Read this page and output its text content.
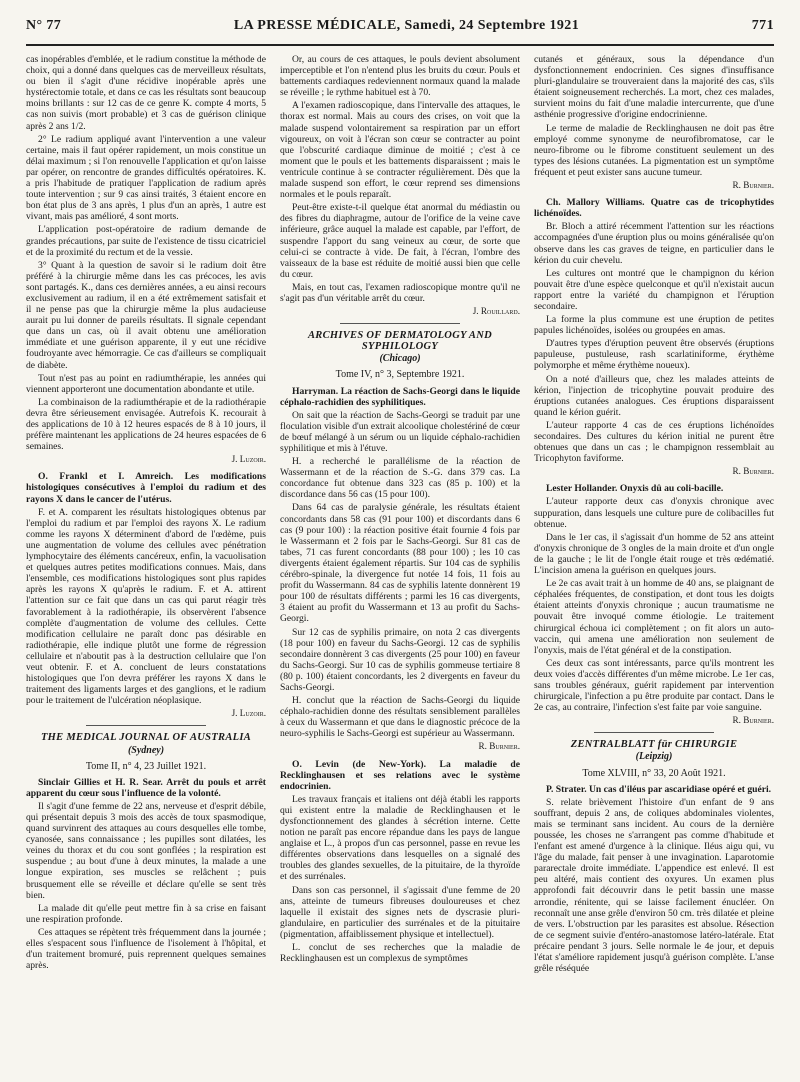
N° 77	LA PRESSE MÉDICALE, Samedi, 24 Septembre 1921	771

cas inopérables d'emblée, et le radium constitue la méthode de choix, qui a donné dans quelques cas de merveilleux résultats, ou bien il s'agit d'une récidive inopérable après une hystérectomie totale, et dans ce cas les résultats sont beaucoup moins brillants : sur 12 cas de ce genre K. compte 4 morts, 5 cas non suivis (mort probable) et 3 cas de guérison clinique après 2 ans 1/2.

2° Le radium appliqué avant l'intervention a une valeur certaine, mais il faut opérer rapidement, un mois constitue un délai maximum ; si l'on renouvelle l'application et qu'on laisse par opérer, on rencontre de grandes difficultés opératoires. K. a pris l'habitude de pratiquer l'application de radium après toute intervention ; sur 9 cas ainsi traités, 3 étaient encore en bon état plus de 3 ans après, 1 plus d'un an après, 1 autre est vivant, mais pas amélioré, 4 sont morts.

L'application post-opératoire de radium demande de grandes précautions, par suite de l'existence de tissu cicatriciel et de la proximité du rectum et de la vessie.

3° Quant à la question de savoir si le radium doit être préféré à la chirurgie même dans les cas précoces, les avis sont partagés. K., dans ces dernières années, a eu ainsi recours exclusivement au radium, il en a été extrêmement satisfait et il ne pense pas que la chirurgie même la plus audacieuse aurait pu lui donner de pareils résultats. Il signale cependant que dans un cas, où il avait obtenu une amélioration immédiate et une guérison apparente, il y eut une récidive foudroyante avec hémorragie. Ce cas d'ailleurs se compliquait de diabète.

Tout n'est pas au point en radiumthérapie, les années qui viennent apporteront une documentation abondante et utile.

La combinaison de la radiumthérapie et de la radiothérapie devra être sérieusement envisagée. Autrefois K. recourait à des applications de 10 à 12 heures espacés de 8 à 10 jours, il préfère maintenant les applications de 24 heures espacées de 6 semaines.

J. Luzoir.

O. Frankl et I. Amreich. Les modifications histologiques consécutives à l'emploi du radium et des rayons X dans le cancer de l'utérus.

F. et A. comparent les résultats histologiques obtenus par l'emploi du radium et par l'emploi des rayons X. Le radium comme les rayons X déterminent d'abord de l'œdème, puis une augmentation de volume des cellules avec pénétration lymphocytaire des éléments cancéreux, enfin, la vacuolisation et quelques autres petites modifications connues. Mais, dans l'ensemble, ces modifications histologiques sont plus rapides après les rayons X qu'après le radium. F. et A. attirent l'attention sur ce fait que dans un cas qui parut réagir très favorablement à la radiothérapie, ils observèrent l'absence complète d'augmentation de volume des cellules. Cette modification cellulaire ne paraît donc pas désirable en radiothérapie, elle indique plutôt une forme de régression cellulaire et n'aboutit pas à la destruction cellulaire que l'on veut obtenir. F. et A. concluent de leurs constatations histologiques que l'on devra préférer les rayons X dans le traitement des ligaments larges et des ganglions, et le radium pour le traitement de l'ulcération néoplasique.

J. Luzoir.
THE MEDICAL JOURNAL OF AUSTRALIA
(Sydney)
Tome II, n° 4, 23 Juillet 1921.

Sinclair Gillies et H. R. Sear. Arrêt du pouls et arrêt apparent du cœur sous l'influence de la volonté.

Il s'agit d'une femme de 22 ans, nerveuse et d'esprit débile, qui présentait depuis 3 mois des accès de toux spasmodique, quand survinrent des attaques au cours desquelles elle tombe, cyanosée, sans connaissance ; les pupilles sont dilatées, les veines du thorax et du cou sont gonflées ; la respiration est suspendue ; au bout d'une à deux minutes, la malade a une longue expiration, ses muscles se relâchent ; puis brusquement elle se réveille et déclare qu'elle se sent très bien.

La malade dit qu'elle peut mettre fin à sa crise en faisant une respiration profonde.

Ces attaques se répètent très fréquemment dans la journée ; elles s'espacent sous l'influence de l'isolement à l'hôpital, et d'un traitement bromuré, puis reprennent quelques semaines après.

Or, au cours de ces attaques, le pouls devient absolument imperceptible et l'on n'entend plus les bruits du cœur. Pouls et battements cardiaques redeviennent normaux quand la malade se réveille ; le rythme habituel est à 70.

A l'examen radioscopique, dans l'intervalle des attaques, le thorax est normal. Mais au cours des crises, on voit que la malade suspend volontairement sa respiration par un effort vigoureux, on voit à l'écran son cœur se contracter au point que l'obscurité cardiaque diminue de moitié ; c'est à ce moment que le pouls et les battements disparaissent ; mais le ventricule continue à se contracter régulièrement. Dès que la malade suspend son effort, le cœur reprend ses dimensions normales et le pouls reparaît.

Peut-être existe-t-il quelque état anormal du médiastin ou des fibres du diaphragme, autour de l'orifice de la veine cave inférieure, grâce auquel la malade est capable, par l'effort, de suspendre l'apport du sang veineux au cœur, de sorte que celui-ci se contracte à vide. De fait, à l'écran, l'ombre des vaisseaux de la base est réduite de moitié aussi bien que celle du cœur.

Mais, en tout cas, l'examen radioscopique montre qu'il ne s'agit pas d'un véritable arrêt du cœur.

J. Rouillard.
ARCHIVES OF DERMATOLOGY AND SYPHILOLOGY
(Chicago)
Tome IV, n° 3, Septembre 1921.

Harryman. La réaction de Sachs-Georgi dans le liquide céphalo-rachidien des syphilitiques.

On sait que la réaction de Sachs-Georgi se traduit par une floculation visible d'un extrait alcoolique cholestériné de cœur de bœuf mélangé à un sérum ou un liquide céphalo-rachidien syphilitique et mis à l'étuve.

H. a recherché le parallélisme de la réaction de Wassermann et de la réaction de S.-G. dans 379 cas. La concordance fut obtenue dans 323 cas (85 p. 100) et la discordance dans 56 cas (15 pour 100).

Dans 64 cas de paralysie générale, les résultats étaient concordants dans 58 cas (91 pour 100) et discordants dans 6 cas (9 pour 100) : la réaction positive était fournie 4 fois par le Wassermann et 2 fois par le Sachs-Georgi. Sur 81 cas de tabes, 71 cas furent concordants (88 pour 100) ; les 10 cas divergents étaient également répartis. Sur 104 cas de syphilis cérébro-spinale, la divergence fut notée 14 fois, 11 fois au profit du Wassermann. 84 cas de syphilis latente donnèrent 19 pour 100 de résultats différents ; parmi les 16 cas divergents, 3 étaient au profit du Wassermann et 13 au profit du Sachs-Georgi.

Sur 12 cas de syphilis primaire, on nota 2 cas divergents (18 pour 100) en faveur du Sachs-Georgi. 12 cas de syphilis secondaire donnèrent 3 cas divergents (25 pour 100) en faveur du Sachs-Georgi. Sur 10 cas de syphilis gommeuse tertiaire 8 (80 p. 100) étaient concordants, les 2 divergents en faveur du Sachs-Georgi.

H. conclut que la réaction de Sachs-Georgi du liquide céphalo-rachidien donne des résultats sensiblement parallèles à ceux du Wassermann et que dans le diagnostic précoce de la neuro-syphilis le Sachs-Georgi est supérieur au Wassermann.

R. Burnier.

O. Levin (de New-York). La maladie de Recklinghausen et ses relations avec le système endocrinien.

Les travaux français et italiens ont déjà établi les rapports qui existent entre la maladie de Recklinghausen et le dysfonctionnement des glandes à sécrétion interne. Cette notion ne paraît pas encore répandue dans les pays de langue anglaise et L., à propos d'un cas personnel, passe en revue les différentes observations dans lesquelles on a signalé des troubles des glandes sexuelles, de la pituitaire, de la thyroïde et des surrénales.

Dans son cas personnel, il s'agissait d'une femme de 20 ans, atteinte de tumeurs fibreuses douloureuses et chez laquelle il existait des signes nets de dyscrasie pluri-glandulaire, en particulier des surrénales et de la pituitaire (pigmentation, affaiblissement physique et intellectuel).

L. conclut de ses recherches que la maladie de Recklinghausen est un complexus de symptômes

cutanés et généraux, sous la dépendance d'un dysfonctionnement endocrinien. Ces signes d'insuffisance pluri-glandulaire se trouveraient dans la majorité des cas, s'ils étaient soigneusement recherchés. La mort, chez ces malades, survient moins du fait d'une maladie intercurrente, que d'une asthénie progressive d'origine endocrinienne.

Le terme de maladie de Recklinghausen ne doit pas être employé comme synonyme de neurofibromatose, car le neuro-fibrome ou le fibrome constituent seulement un des types des lésions cutanées. La pigmentation est un symptôme fréquent et peut exister sans aucune tumeur.

R. Burnier.

Ch. Mallory Williams. Quatre cas de tricophytides lichénoïdes.

Br. Bloch a attiré récemment l'attention sur les réactions accompagnées d'une éruption plus ou moins généralisée qu'on observe dans les cas graves de teigne, en particulier dans le kérion du cuir chevelu.

Les cultures ont montré que le champignon du kérion pouvait être d'une espèce quelconque et qu'il n'existait aucun rapport entre la variété du champignon et l'éruption secondaire.

La forme la plus commune est une éruption de petites papules lichénoïdes, isolées ou groupées en amas.

D'autres types d'éruption peuvent être observés (éruptions papuleuse, pustuleuse, rash scarlatiniforme, érythème polymorphe et même érythème noueux).

On a noté d'ailleurs que, chez les malades atteints de kérion, l'injection de tricophytine pouvait produire des éruptions cutanées analogues. Ces éruptions disparaissent quand le kérion guérit.

L'auteur rapporte 4 cas de ces éruptions lichénoïdes secondaires. Des cultures du kérion initial ne purent être obtenues que dans un cas ; le champignon ressemblait au Tricophyton faviforme.

R. Burnier.

Lester Hollander. Onyxis dû au coli-bacille.

L'auteur rapporte deux cas d'onyxis chronique avec suppuration, dans lesquels une culture pure de colibacilles fut obtenue.

Dans le 1er cas, il s'agissait d'un homme de 52 ans atteint d'onyxis chronique de 3 ongles de la main droite et d'un ongle de la gauche ; le lit de l'ongle était rouge et très œdématié. L'incision amena la guérison en quelques jours.

Le 2e cas avait trait à un homme de 40 ans, se plaignant de céphalées fréquentes, de constipation, et dont tous les doigts étaient atteints d'onyxis chronique ; aucun traumatisme ne pouvait être invoqué comme étiologie. Le traitement chirurgical échoua ici complètement ; on fit alors un auto-vaccin, qui amena une amélioration non seulement de l'onyxis, mais de l'état général et de la constipation.

Ces deux cas sont intéressants, parce qu'ils montrent les deux voies d'accès différentes d'un même microbe. Le 1er cas, sans troubles généraux, guérit rapidement par intervention chirurgicale, l'infection a pu être produite par contact. Dans le 2e cas, au contraire, l'infection s'est faite par voie sanguine.

R. Burnier.
ZENTRALBLATT für CHIRURGIE
(Leipzig)
Tome XLVIII, n° 33, 20 Août 1921.

P. Strater. Un cas d'iléus par ascaridiase opéré et guéri.

S. relate brièvement l'histoire d'un enfant de 9 ans souffrant, depuis 2 ans, de coliques abdominales violentes, mais se terminant sans incident. Au cours de la dernière poussée, les choses ne s'arrangent pas comme d'habitude et l'enfant est amené d'urgence à la clinique. Iléus aigu qui, vu l'âge du malade, fait penser à une invagination. Laparotomie pararectale droite immédiate. L'appendice est enlevé. Il est peu altéré, mais contient des oxyures. Un examen plus approfondi fait découvrir dans le petit bassin une masse arrondie, rénitente, qui se laisse facilement énucléer. On reconnaît une anse grêle d'environ 50 cm. très dilatée et pleine de vers. L'obstruction par les parasites est absolue. Résection de ce segment suivie d'entéro-anastomose latéro-latérale. Etat précaire pendant 3 jours. Selle normale le 4e jour, et depuis l'état s'améliore rapidement jusqu'à guérison complète. L'anse grêle réséquée
